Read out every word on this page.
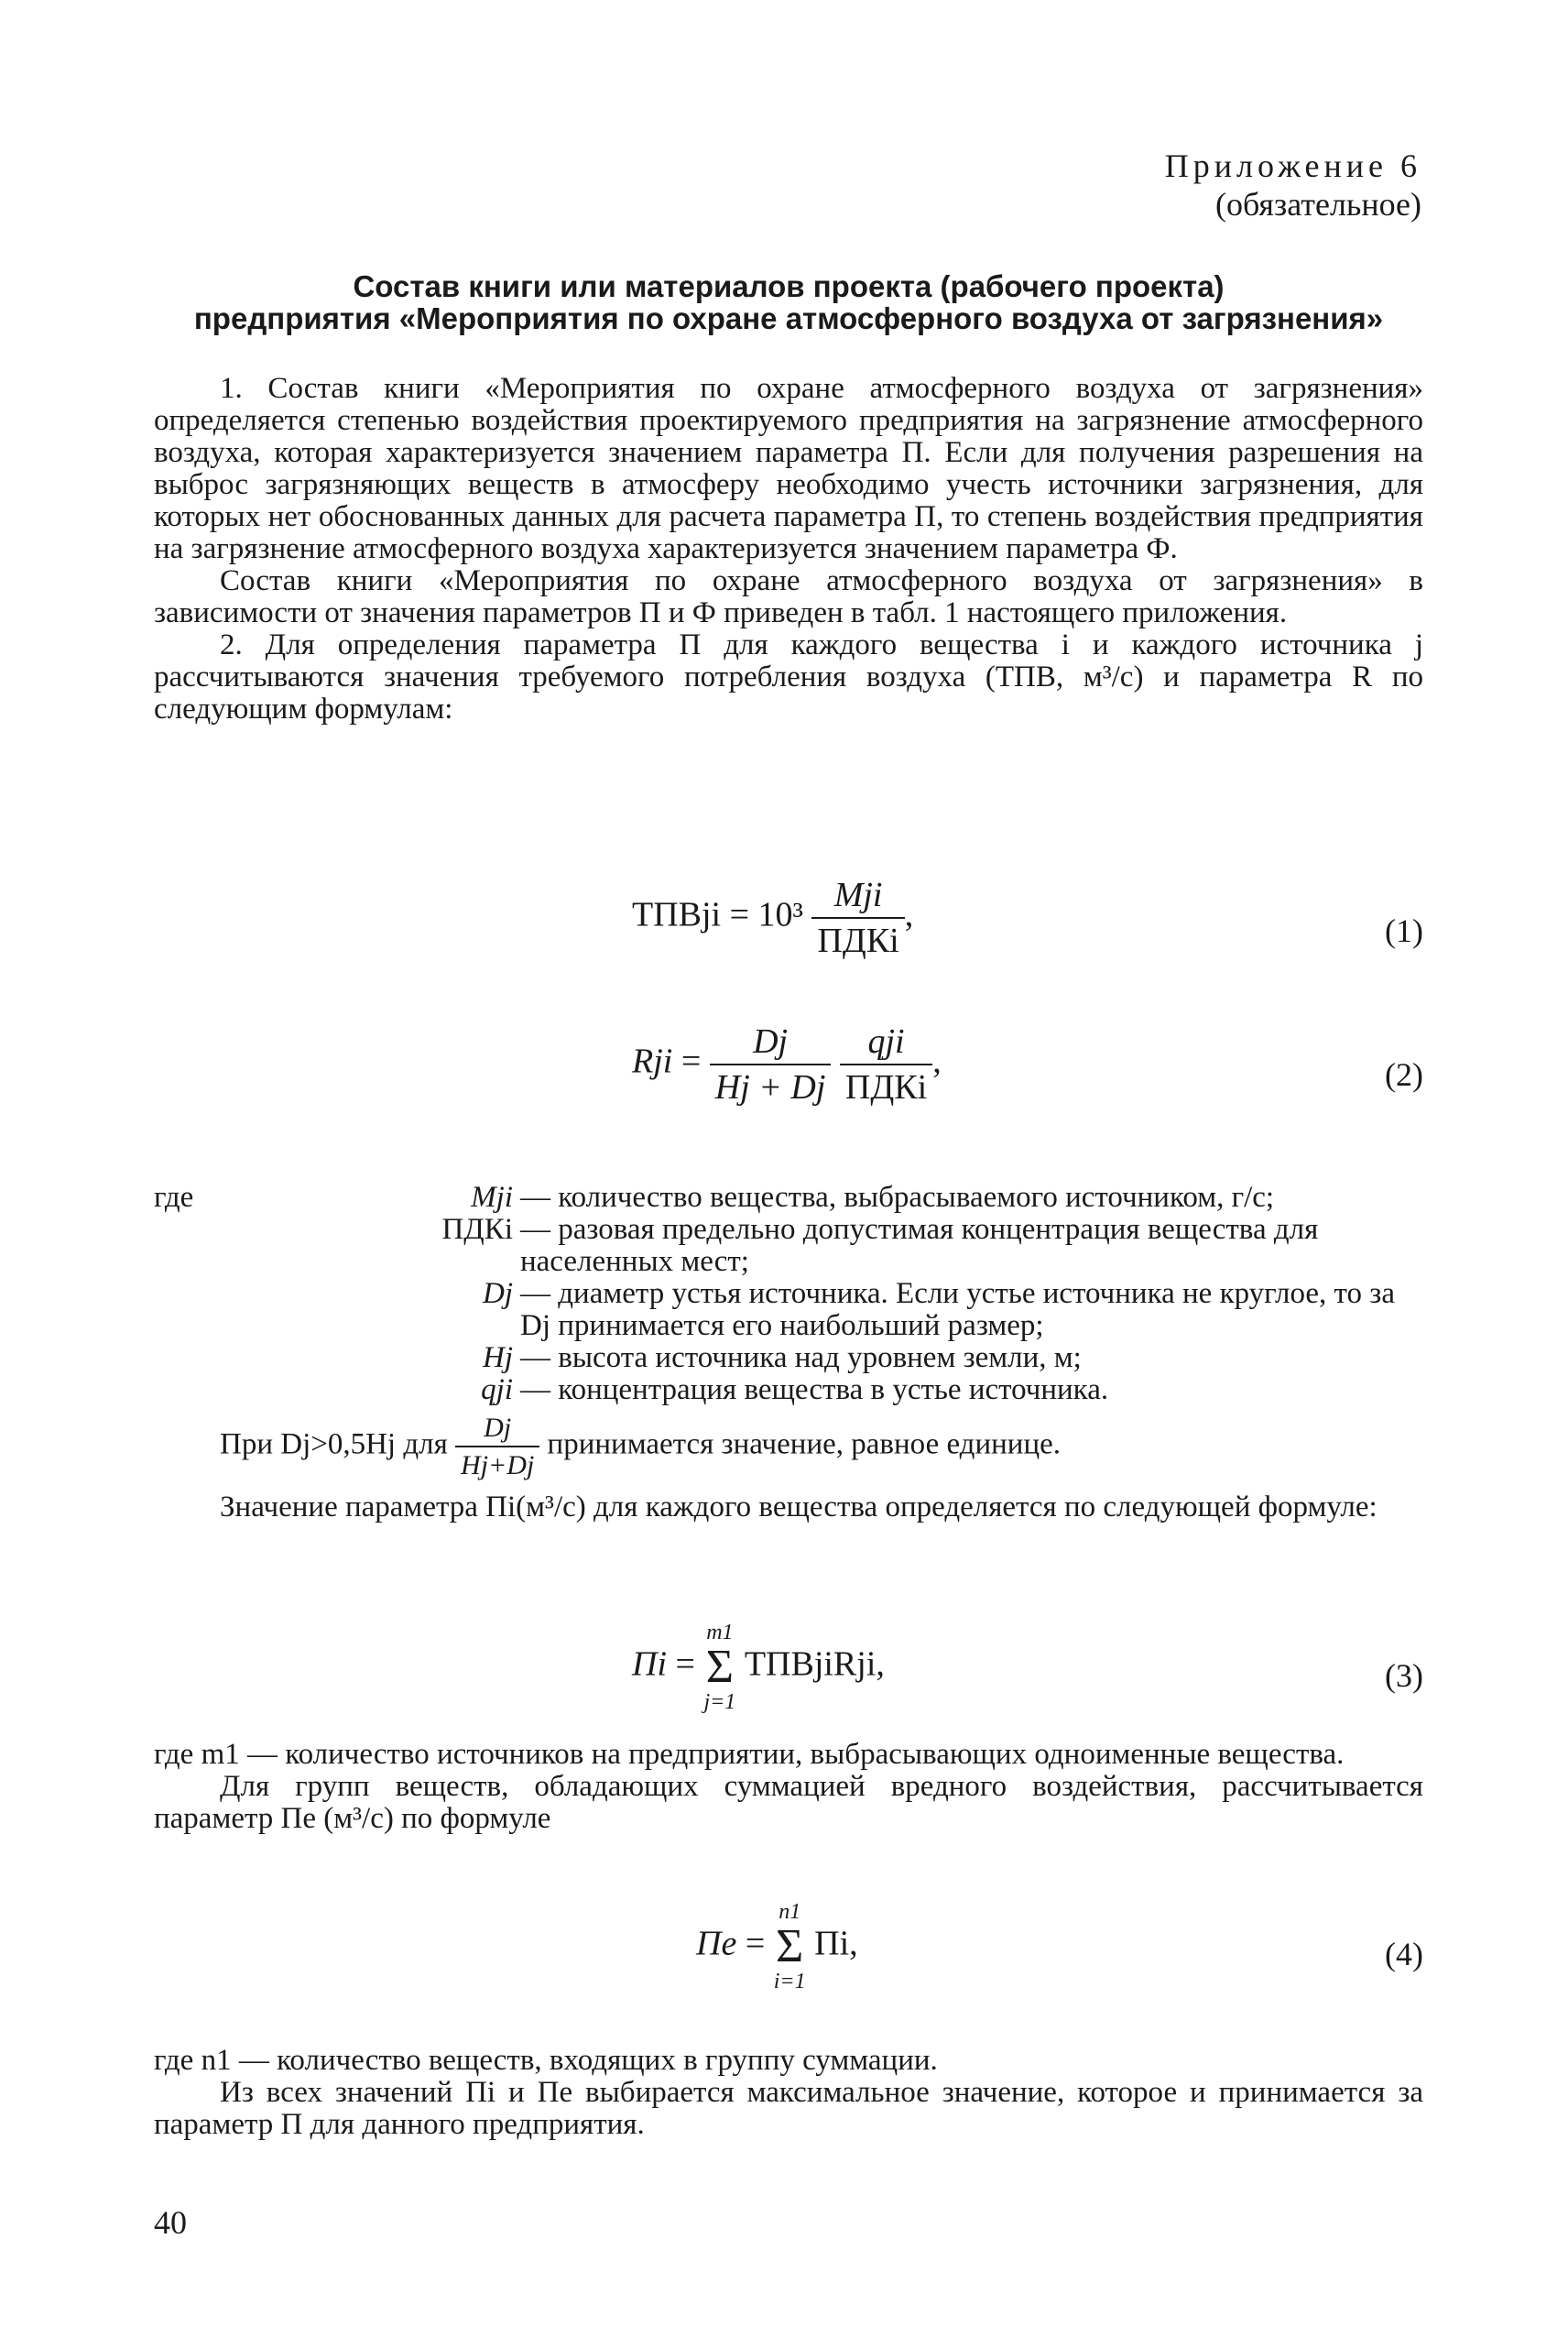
Приложение 6
(обязательное)
Состав книги или материалов проекта (рабочего проекта)
предприятия «Мероприятия по охране атмосферного воздуха от загрязнения»

1. Состав книги «Мероприятия по охране атмосферного воздуха от загрязнения» определяется степенью воздействия проектируемого предприятия на загрязнение атмосферного воздуха, которая характеризуется значением параметра П. Если для получения разрешения на выброс загрязняющих веществ в атмосферу необходимо учесть источники загрязнения, для которых нет обоснованных данных для расчета параметра П, то степень воздействия предприятия на загрязнение атмосферного воздуха характеризуется значением параметра Ф.

Состав книги «Мероприятия по охране атмосферного воздуха от загрязнения» в зависимости от значения параметров П и Ф приведен в табл. 1 настоящего приложения.

2. Для определения параметра П для каждого вещества i и каждого источника j рассчитываются значения требуемого потребления воздуха (ТПВ, м³/с) и параметра R по следующим формулам:

ТПВji = $10^3 \frac{\text{Mji}}{\text{ПДКi}}$ ,	(1)
Rji = $\frac{Dj}{Hj + Dj}$
$\frac{\text{qji}}{\text{ПДКi}}$ ,	(2)
где	Mji — количество вещества, выбрасываемого источником, г/с;
ПДКi — разовая предельно допустимая концентрация вещества для населенных мест;
Dj — диаметр устья источника. Если устье источника не круглое, то за Dj принимается его наибольший размер;
Hj — высота источника над уровнем земли, м;
qji — концентрация вещества в устье источника.
При Dj>0,5Hj для $\frac{Dj}{Hj+Dj}$ принимается значение, равное единице.

Значение параметра Пi(м³/с) для каждого вещества определяется по следующей формуле:

Пi =
m1
Σ
j=1
ТПВjiRji,	(3)

где m1 — количество источников на предприятии, выбрасывающих одноименные вещества.

Для групп веществ, обладающих суммацией вредного воздействия, рассчитывается параметр Пe (м³/с) по формуле

Пe =
n1
Σ
i=1
Пi,	(4)

где n1 — количество веществ, входящих в группу суммации.

Из всех значений Пi и Пe выбирается максимальное значение, которое и принимается за параметр П для данного предприятия.

40
